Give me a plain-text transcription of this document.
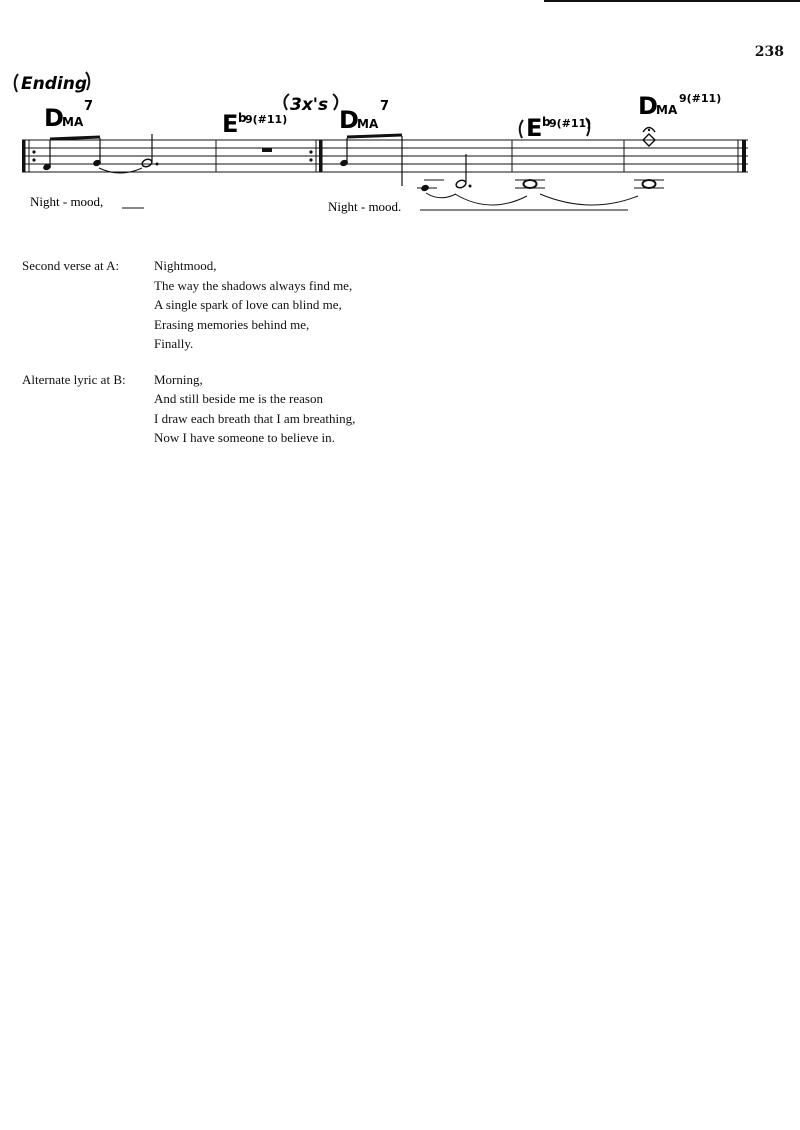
238
Ending
D
MA
7
E b
9(#11)
3x's
D
MA
7
E b
9(#11)
D
MA
9(#11)
Night - mood,	Night - mood.
Second verse at A:	Nightmood,
The way the shadows always find me,
A single spark of love can blind me,
Erasing memories behind me,
Finally.
Alternate lyric at B:	Morning,
And still beside me is the reason
I draw each breath that I am breathing,
Now I have someone to believe in.
